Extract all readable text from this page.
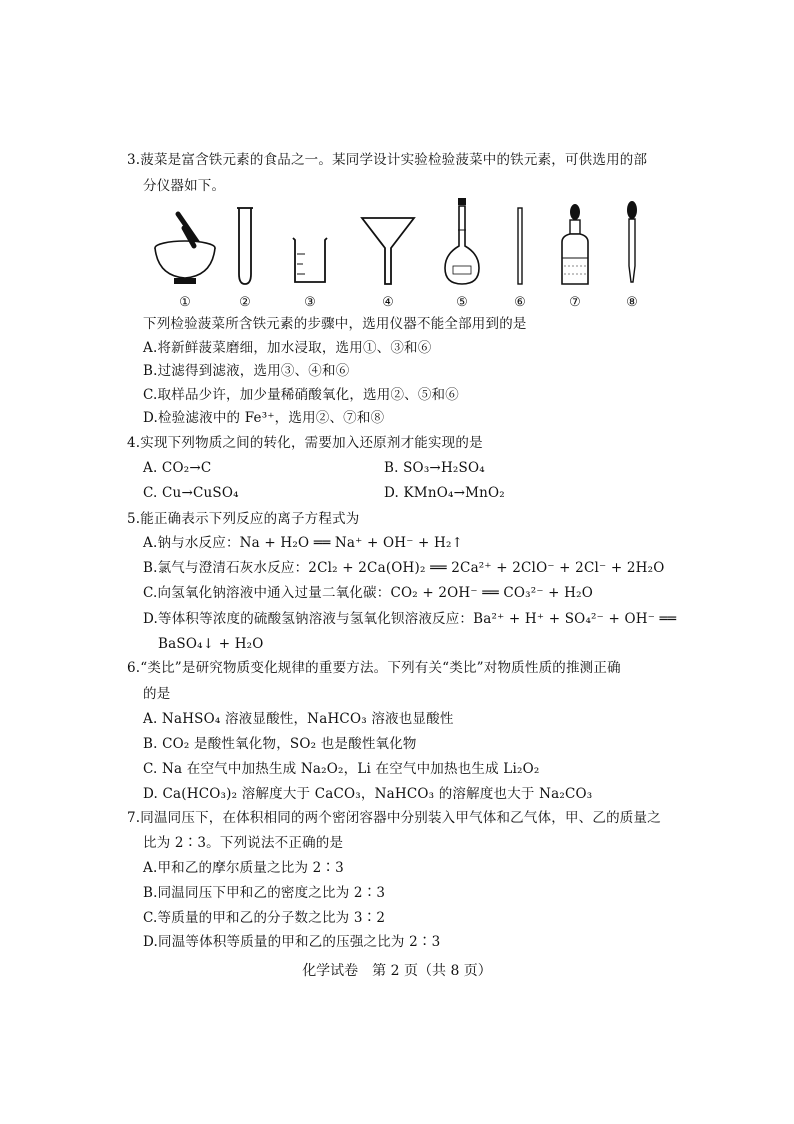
3.菠菜是富含铁元素的食品之一。某同学设计实验检验菠菜中的铁元素，可供选用的部
分仪器如下。
①	②	③	④	⑤	⑥	⑦	⑧
下列检验菠菜所含铁元素的步骤中，选用仪器不能全部用到的是
A.将新鲜菠菜磨细，加水浸取，选用①、③和⑥
B.过滤得到滤液，选用③、④和⑥
C.取样品少许，加少量稀硝酸氧化，选用②、⑤和⑥
D.检验滤液中的 Fe³⁺，选用②、⑦和⑧
4.实现下列物质之间的转化，需要加入还原剂才能实现的是
A. CO₂→C	B. SO₃→H₂SO₄
C. Cu→CuSO₄	D. KMnO₄→MnO₂
5.能正确表示下列反应的离子方程式为
A.钠与水反应：Na + H₂O ══ Na⁺ + OH⁻ + H₂↑
B.氯气与澄清石灰水反应：2Cl₂ + 2Ca(OH)₂ ══ 2Ca²⁺ + 2ClO⁻ + 2Cl⁻ + 2H₂O
C.向氢氧化钠溶液中通入过量二氧化碳：CO₂ + 2OH⁻ ══ CO₃²⁻ + H₂O
D.等体积等浓度的硫酸氢钠溶液与氢氧化钡溶液反应：Ba²⁺ + H⁺ + SO₄²⁻ + OH⁻ ══
BaSO₄↓ + H₂O
6.“类比”是研究物质变化规律的重要方法。下列有关“类比”对物质性质的推测正确
的是
A. NaHSO₄ 溶液显酸性，NaHCO₃ 溶液也显酸性
B. CO₂ 是酸性氧化物，SO₂ 也是酸性氧化物
C. Na 在空气中加热生成 Na₂O₂，Li 在空气中加热也生成 Li₂O₂
D. Ca(HCO₃)₂ 溶解度大于 CaCO₃，NaHCO₃ 的溶解度也大于 Na₂CO₃
7.同温同压下，在体积相同的两个密闭容器中分别装入甲气体和乙气体，甲、乙的质量之
比为 2∶3。下列说法不正确的是
A.甲和乙的摩尔质量之比为 2∶3
B.同温同压下甲和乙的密度之比为 2∶3
C.等质量的甲和乙的分子数之比为 3∶2
D.同温等体积等质量的甲和乙的压强之比为 2∶3
化学试卷　第 2 页（共 8 页）
